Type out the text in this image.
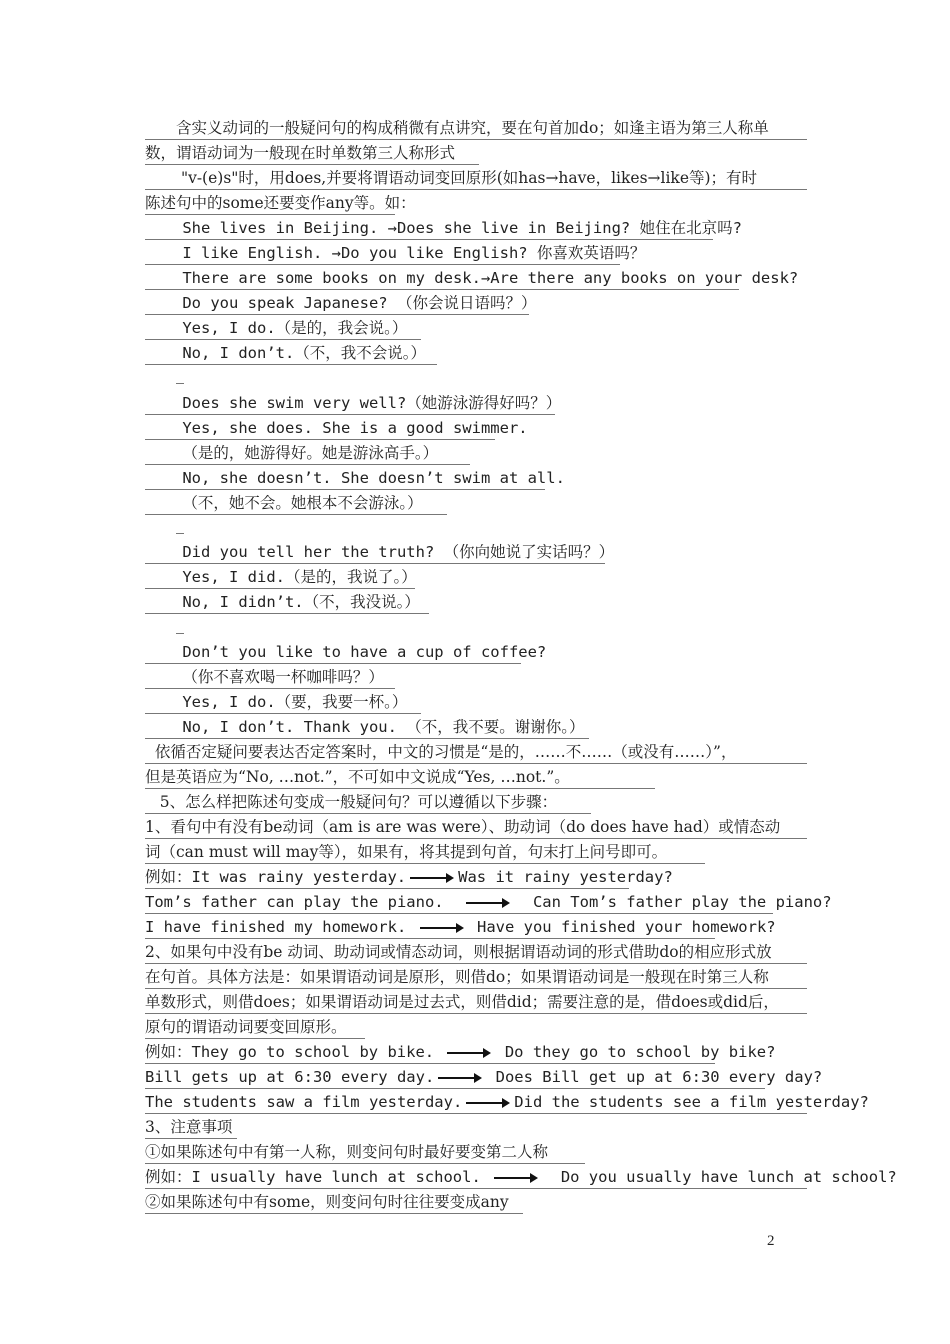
　　含实义动词的一般疑问句的构成稍微有点讲究，要在句首加do；如逢主语为第三人称单
数，谓语动词为一般现在时单数第三人称形式
　　 "v-(e)s"时，用does,并要将谓语动词变回原形(如has→have，likes→like等)；有时
陈述句中的some还要变作any等。如：
She lives in Beijing. →Does she live in Beijing? 她住在北京吗?
I like English. →Do you like English? 你喜欢英语吗？
There are some books on my desk.→Are there any books on your desk?
Do you speak Japanese? （你会说日语吗？）
Yes, I do.（是的，我会说。）
No, I don’t.（不，我不会说。）
Does she swim very well?（她游泳游得好吗？）
Yes, she does. She is a good swimmer.
（是的，她游得好。她是游泳高手。）
No, she doesn’t. She doesn’t swim at all.
（不，她不会。她根本不会游泳。）
Did you tell her the truth? （你向她说了实话吗？）
Yes, I did.（是的，我说了。）
No, I didn’t.（不，我没说。）
Don’t you like to have a cup of coffee?
（你不喜欢喝一杯咖啡吗？）
Yes, I do.（要，我要一杯。）
No, I don’t. Thank you. （不，我不要。谢谢你。）
依循否定疑问要表达否定答案时，中文的习惯是“是的，……不……（或没有……）”，
但是英语应为“No, …not.”，不可如中文说成“Yes, …not.”。
5、怎么样把陈述句变成一般疑问句？可以遵循以下步骤：
1、看句中有没有be动词（am is are was were）、助动词（do does have had）或情态动
词（can must will may等），如果有，将其提到句首，句末打上问号即可。
例如：It was rainy yesterday.	Was it rainy yesterday?
Tom’s father can play the piano.	Can Tom’s father play the piano?
I have finished my homework.	Have you finished your homework?
2、如果句中没有be 动词、助动词或情态动词，则根据谓语动词的形式借助do的相应形式放
在句首。具体方法是：如果谓语动词是原形，则借do；如果谓语动词是一般现在时第三人称
单数形式，则借does；如果谓语动词是过去式，则借did；需要注意的是，借does或did后，
原句的谓语动词要变回原形。
例如：They go to school by bike.	Do they go to school by bike?
Bill gets up at 6:30 every day.	Does Bill get up at 6:30 every day?
The students saw a film yesterday.	Did the students see a film yesterday?
3、注意事项
①如果陈述句中有第一人称，则变问句时最好要变第二人称
例如：I usually have lunch at school.	Do you usually have lunch at school?
②如果陈述句中有some，则变问句时往往要变成any
2
